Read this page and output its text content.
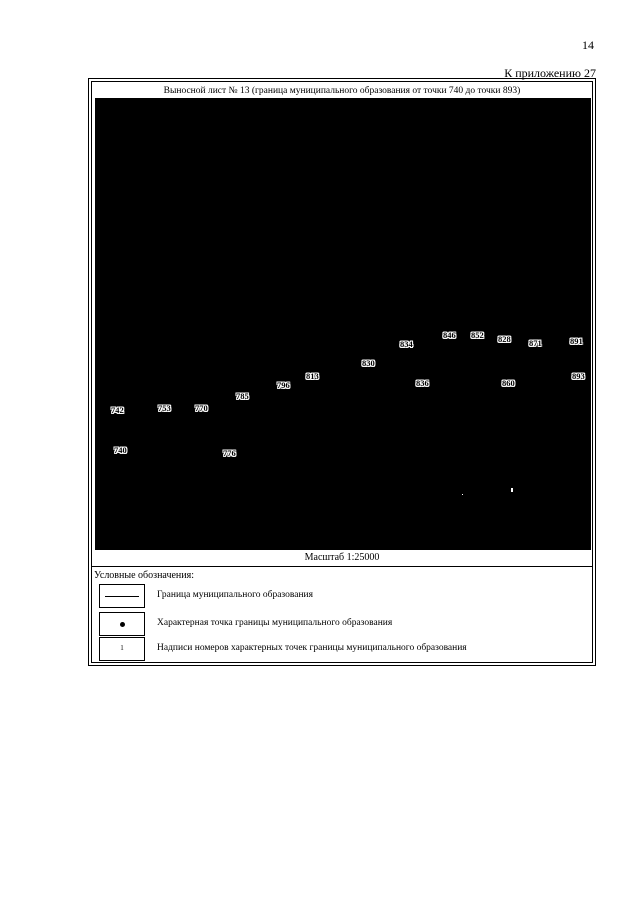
14
К приложению 27
Выносной лист № 13 (граница муниципального образования от точки 740 до точки 893)
742
740
753	770
776
785
796
813
830
836
834
846 852
860
828 871	891
893
Масштаб 1:25000
Условные обозначения:
Граница муниципального образования
Характерная точка границы муниципального образования
1	Надписи номеров характерных точек границы муниципального образования
